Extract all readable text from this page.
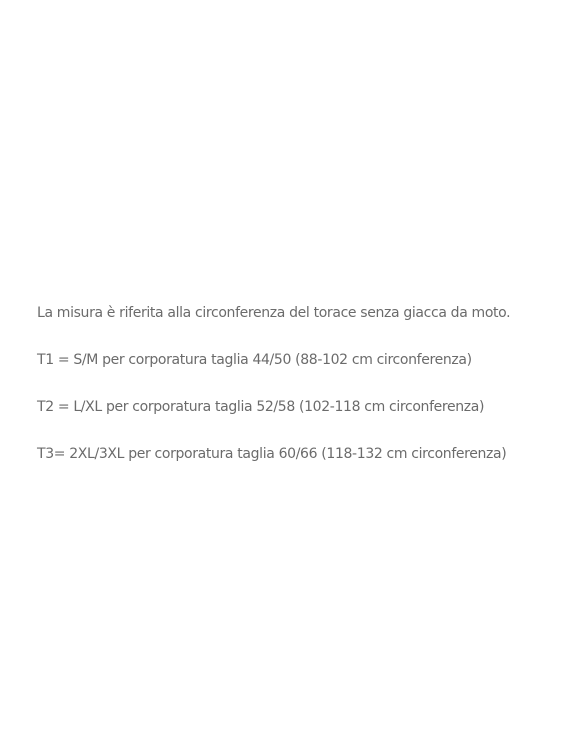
La misura è riferita alla circonferenza del torace senza giacca da moto.

T1 = S/M per corporatura taglia 44/50 (88-102 cm circonferenza)

T2 = L/XL per corporatura taglia 52/58 (102-118 cm circonferenza)

T3= 2XL/3XL per corporatura taglia 60/66 (118-132 cm circonferenza)
